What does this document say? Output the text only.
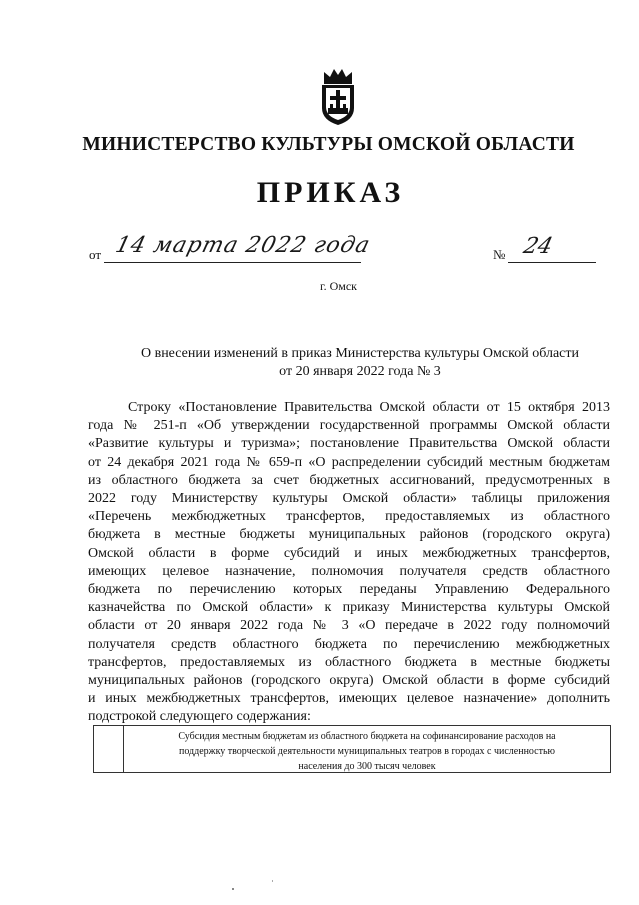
МИНИСТЕРСТВО КУЛЬТУРЫ ОМСКОЙ ОБЛАСТИ
ПРИКАЗ
от 14 марта 2022 года	№ 24
г. Омск
О внесении изменений в приказ Министерства культуры Омской области
от 20 января 2022 года № 3
Строку «Постановление Правительства Омской области от 15 октября 2013
года № 251-п «Об утверждении государственной программы Омской области
«Развитие культуры и туризма»; постановление Правительства Омской области
от 24 декабря 2021 года № 659-п «О распределении субсидий местным бюджетам
из областного бюджета за счет бюджетных ассигнований, предусмотренных в
2022 году Министерству культуры Омской области» таблицы приложения
«Перечень межбюджетных трансфертов, предоставляемых из областного
бюджета в местные бюджеты муниципальных районов (городского округа)
Омской области в форме субсидий и иных межбюджетных трансфертов,
имеющих целевое назначение, полномочия получателя средств областного
бюджета по перечислению которых переданы Управлению Федерального
казначейства по Омской области» к приказу Министерства культуры Омской
области от 20 января 2022 года № 3 «О передаче в 2022 году полномочий
получателя средств областного бюджета по перечислению межбюджетных
трансфертов, предоставляемых из областного бюджета в местные бюджеты
муниципальных районов (городского округа) Омской области в форме субсидий
и иных межбюджетных трансфертов, имеющих целевое назначение» дополнить
подстрокой следующего содержания:
Субсидия местным бюджетам из областного бюджета на софинансирование расходов на
поддержку творческой деятельности муниципальных театров в городах с численностью
населения до 300 тысяч человек
